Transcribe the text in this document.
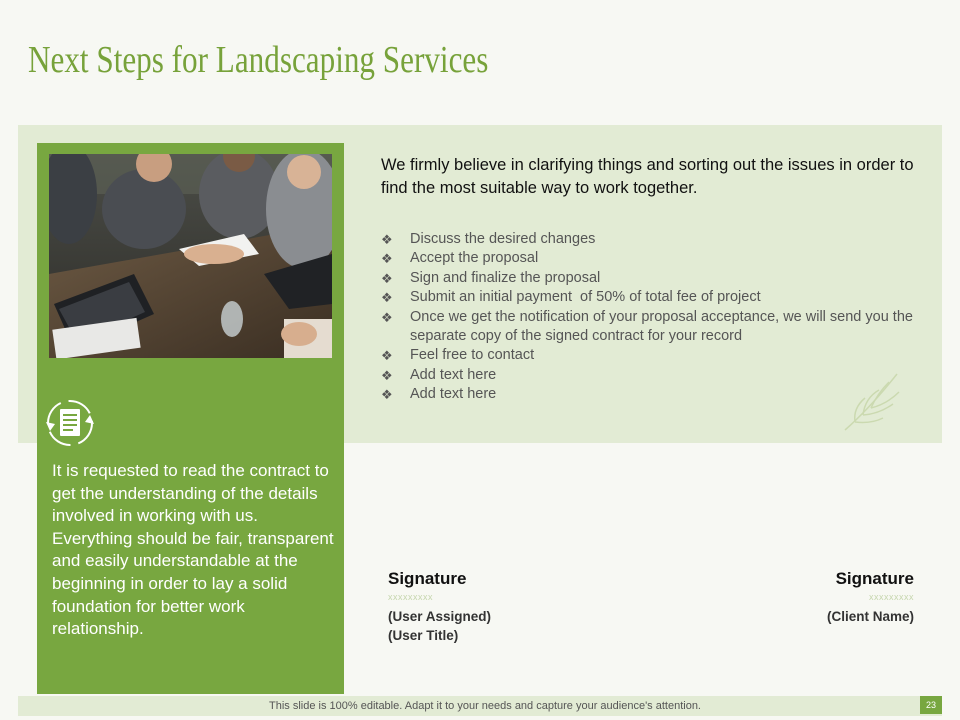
Next Steps for Landscaping Services

It is requested to read the contract to get the understanding of the details involved in working with us. Everything should be fair, transparent and easily understandable at the beginning in order to lay a solid foundation for better work relationship.

We firmly believe in clarifying things and sorting out the issues in order to find the most suitable way to work together.

❖ Discuss the desired changes
❖ Accept the proposal
❖ Sign and finalize the proposal
❖ Submit an initial payment  of 50% of total fee of project
❖ Once we get the notification of your proposal acceptance, we will send you the separate copy of the signed contract for your record
❖ Feel free to contact
❖ Add text here
❖ Add text here
Signature
xxxxxxxxx
(User Assigned)
(User Title)
Signature
xxxxxxxxx
(Client Name)
This slide is 100% editable. Adapt it to your needs and capture your audience's attention.	23
